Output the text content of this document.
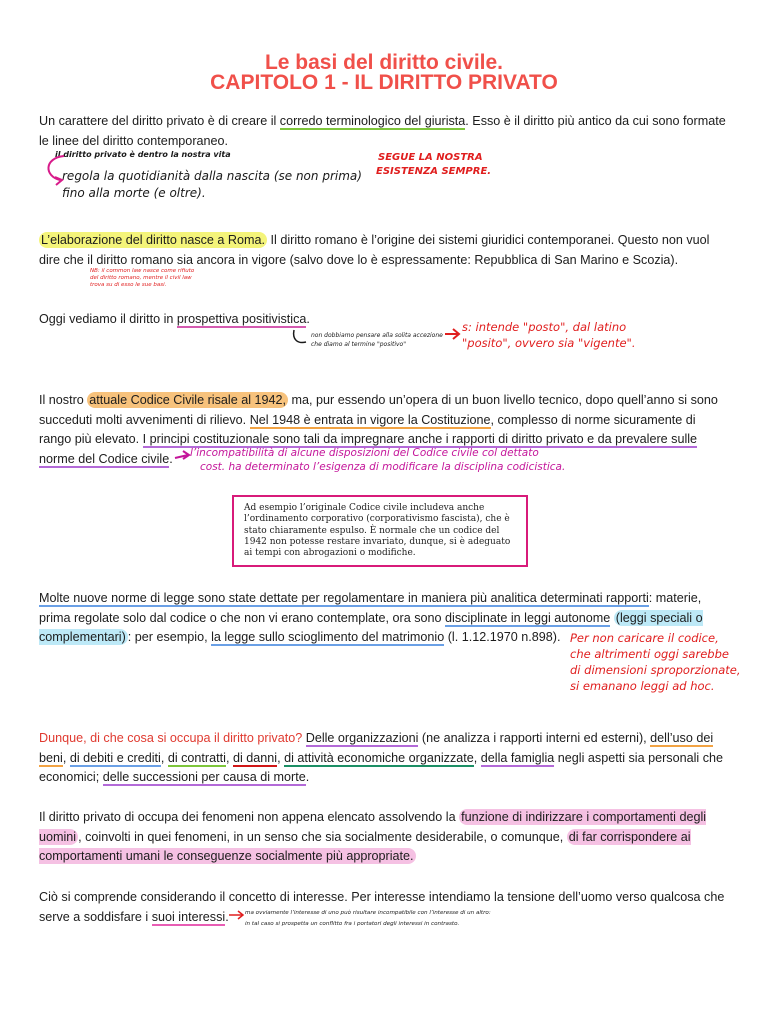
Le basi del diritto civile.
CAPITOLO 1 - IL DIRITTO PRIVATO
Un carattere del diritto privato è di creare il corredo terminologico del giurista. Esso è il diritto più antico da cui sono formate le linee del diritto contemporaneo.
il diritto privato è dentro la nostra vita
regola la quotidianità dalla nascita (se non prima)
fino alla morte (e oltre).
SEGUE LA NOSTRA
ESISTENZA SEMPRE.
L’elaborazione del diritto nasce a Roma. Il diritto romano è l’origine dei sistemi giuridici contemporanei. Questo non vuol dire che il diritto romano sia ancora in vigore (salvo dove lo è espressamente: Repubblica di San Marino e Scozia).
NB: il common law nasce come rifiuto
del diritto romano, mentre il civil law
trova su di esso le sue basi.
Oggi vediamo il diritto in prospettiva positivistica.
non dobbiamo pensare alla solita accezione
che diamo al termine "positivo"
s: intende "posto", dal latino
"posito", ovvero sia "vigente".
Il nostro attuale Codice Civile risale al 1942, ma, pur essendo un’opera di un buon livello tecnico, dopo quell’anno si sono succeduti molti avvenimenti di rilievo. Nel 1948 è entrata in vigore la Costituzione, complesso di norme sicuramente di rango più elevato. I principi costituzionale sono tali da impregnare anche i rapporti di diritto privato e da prevalere sulle norme del Codice civile.	l’incompatibilità di alcune disposizioni del Codice civile col dettato
cost. ha determinato l’esigenza di modificare la disciplina codicistica.
Ad esempio l’originale Codice civile includeva anche l’ordinamento corporativo (corporativismo fascista), che è stato chiaramente espulso. È normale che un codice del 1942 non potesse restare invariato, dunque, si è adeguato ai tempi con abrogazioni o modifiche.
Molte nuove norme di legge sono state dettate per regolamentare in maniera più analitica determinati rapporti: materie, prima regolate solo dal codice o che non vi erano contemplate, ora sono disciplinate in leggi autonome (leggi speciali o complementari) : per esempio, la legge sullo scioglimento del matrimonio (l. 1.12.1970 n.898). Per non caricare il codice,
che altrimenti oggi sarebbe
di dimensioni sproporzionate,
si emanano leggi ad hoc.
Dunque, di che cosa si occupa il diritto privato? Delle organizzazioni (ne analizza i rapporti interni ed esterni), dell’uso dei beni, di debiti e crediti, di contratti, di danni, di attività economiche organizzate, della famiglia negli aspetti sia personali che economici; delle successioni per causa di morte.
Il diritto privato di occupa dei fenomeni non appena elencato assolvendo la funzione di indirizzare i comportamenti degli uomini , coinvolti in quei fenomeni, in un senso che sia socialmente desiderabile, o comunque, di far corrispondere ai comportamenti umani le conseguenze socialmente più appropriate.
Ciò si comprende considerando il concetto di interesse. Per interesse intendiamo la tensione dell’uomo verso qualcosa che serve a soddisfare i suoi interessi.	ma ovviamente l’interesse di uno può risultare incompatibile con l’interesse di un altro:
in tal caso si prospetta un conflitto fra i portatori degli interessi in contrasto.
